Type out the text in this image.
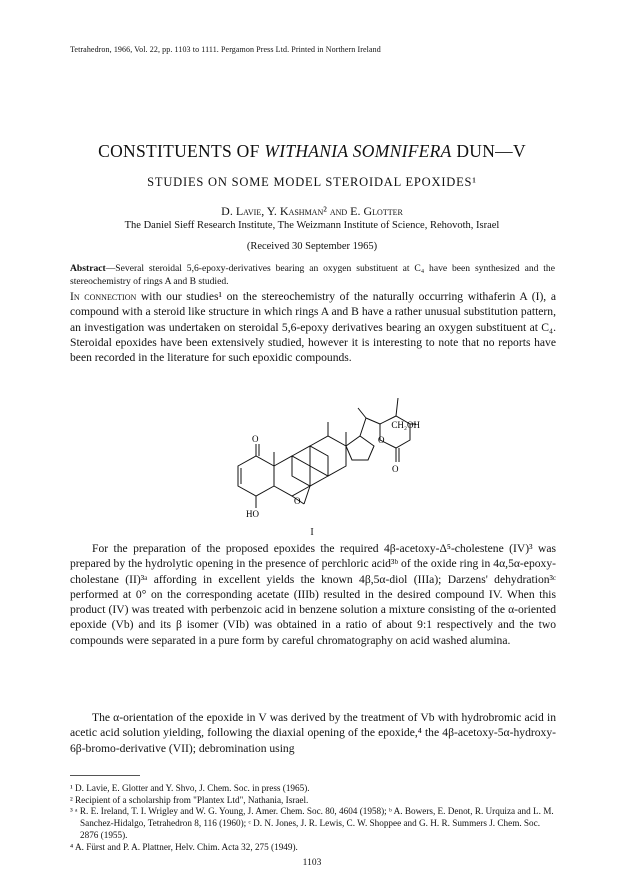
Tetrahedron, 1966, Vol. 22, pp. 1103 to 1111. Pergamon Press Ltd. Printed in Northern Ireland
CONSTITUENTS OF WITHANIA SOMNIFERA DUN—V
STUDIES ON SOME MODEL STEROIDAL EPOXIDES¹
D. Lavie, Y. Kashman² and E. Glotter
The Daniel Sieff Research Institute, The Weizmann Institute of Science, Rehovoth, Israel
(Received 30 September 1965)
Abstract—Several steroidal 5,6-epoxy-derivatives bearing an oxygen substituent at C₄ have been synthesized and the stereochemistry of rings A and B studied.
In connection with our studies¹ on the stereochemistry of the naturally occurring withaferin A (I), a compound with a steroid like structure in which rings A and B have a rather unusual substitution pattern, an investigation was undertaken on steroidal 5,6-epoxy derivatives bearing an oxygen substituent at C₄. Steroidal epoxides have been extensively studied, however it is interesting to note that no reports have been recorded in the literature for such epoxidic compounds.
O
O
HO
O
O
CH₂OH
I
For the preparation of the proposed epoxides the required 4β-acetoxy-Δ⁵-cholestene (IV)³ was prepared by the hydrolytic opening in the presence of perchloric acid³ᵇ of the oxide ring in 4α,5α-epoxy-cholestane (II)³ᵃ affording in excellent yields the known 4β,5α-diol (IIIa); Darzens' dehydration³ᶜ performed at 0° on the corresponding acetate (IIIb) resulted in the desired compound IV. When this product (IV) was treated with perbenzoic acid in benzene solution a mixture consisting of the α-oriented epoxide (Vb) and its β isomer (VIb) was obtained in a ratio of about 9:1 respectively and the two compounds were separated in a pure form by careful chromatography on acid washed alumina.
The α-orientation of the epoxide in V was derived by the treatment of Vb with hydrobromic acid in acetic acid solution yielding, following the diaxial opening of the epoxide,⁴ the 4β-acetoxy-5α-hydroxy-6β-bromo-derivative (VII); debromination using
¹ D. Lavie, E. Glotter and Y. Shvo, J. Chem. Soc. in press (1965).
² Recipient of a scholarship from "Plantex Ltd", Nathania, Israel.
³ ᵃ R. E. Ireland, T. I. Wrigley and W. G. Young, J. Amer. Chem. Soc. 80, 4604 (1958); ᵇ A. Bowers, E. Denot, R. Urquiza and L. M. Sanchez-Hidalgo, Tetrahedron 8, 116 (1960); ᶜ D. N. Jones, J. R. Lewis, C. W. Shoppee and G. H. R. Summers J. Chem. Soc. 2876 (1955).
⁴ A. Fürst and P. A. Plattner, Helv. Chim. Acta 32, 275 (1949).
1103
